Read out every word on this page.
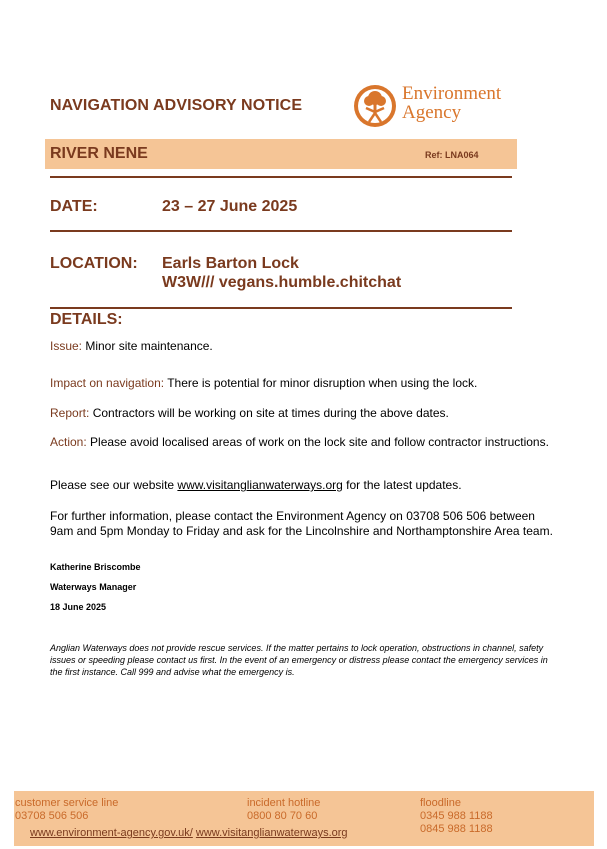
NAVIGATION ADVISORY NOTICE
Environment
Agency
RIVER NENE	Ref: LNA064
DATE:	23 – 27 June 2025
LOCATION: Earls Barton Lock
W3W/// vegans.humble.chitchat
DETAILS:
Issue: Minor site maintenance.
Impact on navigation: There is potential for minor disruption when using the lock.
Report: Contractors will be working on site at times during the above dates.
Action: Please avoid localised areas of work on the lock site and follow contractor instructions.
Please see our website www.visitanglianwaterways.org for the latest updates.
For further information, please contact the Environment Agency on 03708 506 506 between 9am and 5pm Monday to Friday and ask for the Lincolnshire and Northamptonshire Area team.
Katherine Briscombe
Waterways Manager
18 June 2025
Anglian Waterways does not provide rescue services. If the matter pertains to lock operation, obstructions in channel, safety issues or speeding please contact us first. In the event of an emergency or distress please contact the emergency services in the first instance. Call 999 and advise what the emergency is.
customer service line
03708 506 506
incident hotline
0800 80 70 60
floodline
0345 988 1188
0845 988 1188
www.environment-agency.gov.uk/ www.visitanglianwaterways.org
